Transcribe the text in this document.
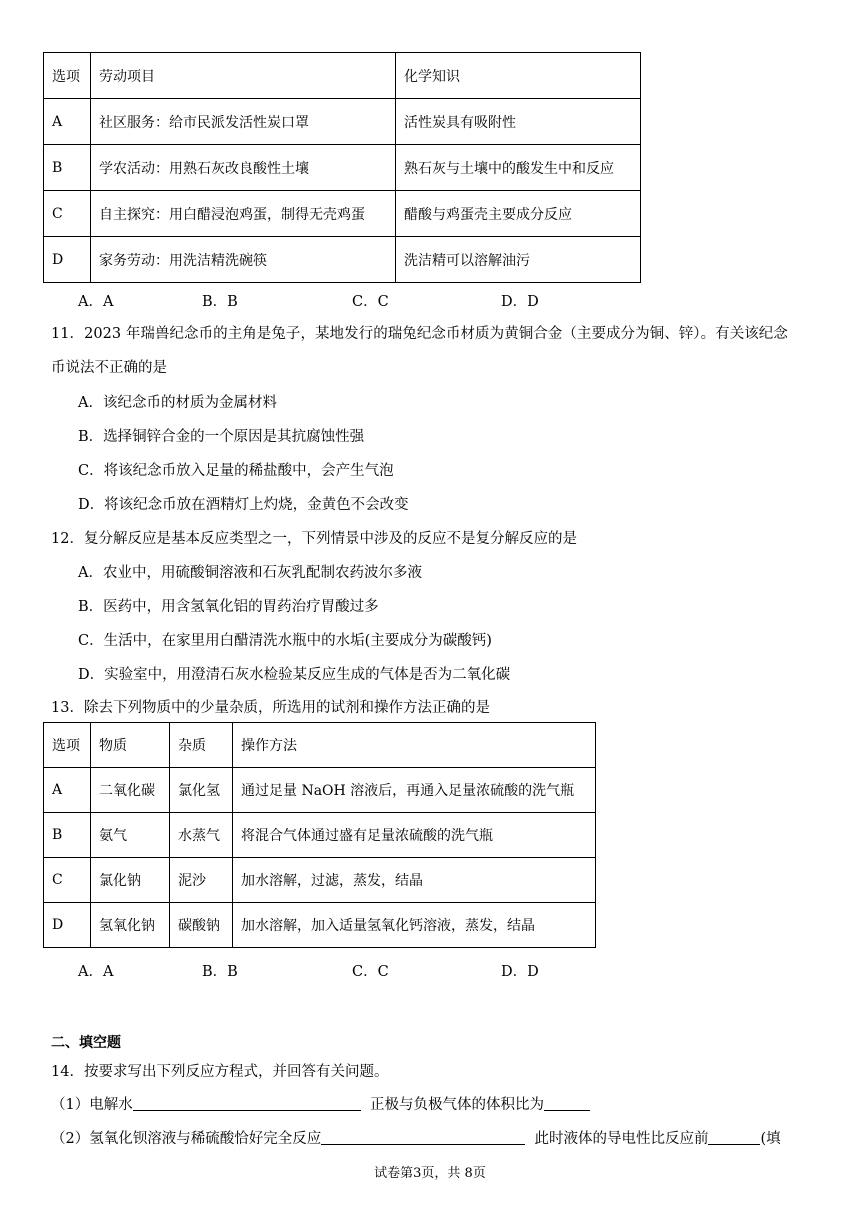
选项	劳动项目	化学知识
A	社区服务：给市民派发活性炭口罩	活性炭具有吸附性
B	学农活动：用熟石灰改良酸性土壤	熟石灰与土壤中的酸发生中和反应
C	自主探究：用白醋浸泡鸡蛋，制得无壳鸡蛋	醋酸与鸡蛋壳主要成分反应
D	家务劳动：用洗洁精洗碗筷	洗洁精可以溶解油污
A．A	B．B	C．C	D．D
11．2023 年瑞兽纪念币的主角是兔子，某地发行的瑞兔纪念币材质为黄铜合金（主要成分为铜、锌）。有关该纪念
币说法不正确的是
A．该纪念币的材质为金属材料
B．选择铜锌合金的一个原因是其抗腐蚀性强
C．将该纪念币放入足量的稀盐酸中，会产生气泡
D．将该纪念币放在酒精灯上灼烧，金黄色不会改变
12．复分解反应是基本反应类型之一，下列情景中涉及的反应不是复分解反应的是
A．农业中，用硫酸铜溶液和石灰乳配制农药波尔多液
B．医药中，用含氢氧化铝的胃药治疗胃酸过多
C．生活中，在家里用白醋清洗水瓶中的水垢(主要成分为碳酸钙)
D．实验室中，用澄清石灰水检验某反应生成的气体是否为二氧化碳
13．除去下列物质中的少量杂质，所选用的试剂和操作方法正确的是
选项	物质	杂质	操作方法
A	二氧化碳	氯化氢	通过足量 NaOH 溶液后，再通入足量浓硫酸的洗气瓶
B	氨气	水蒸气	将混合气体通过盛有足量浓硫酸的洗气瓶
C	氯化钠	泥沙	加水溶解，过滤，蒸发，结晶
D	氢氧化钠	碳酸钠	加水溶解，加入适量氢氧化钙溶液，蒸发，结晶
A．A	B．B	C．C	D．D
二、填空题
14．按要求写出下列反应方程式，并回答有关问题。
（1）电解水	正极与负极气体的体积比为
（2）氢氧化钡溶液与稀硫酸恰好完全反应	此时液体的导电性比反应前	(填
试卷第3页，共 8页
